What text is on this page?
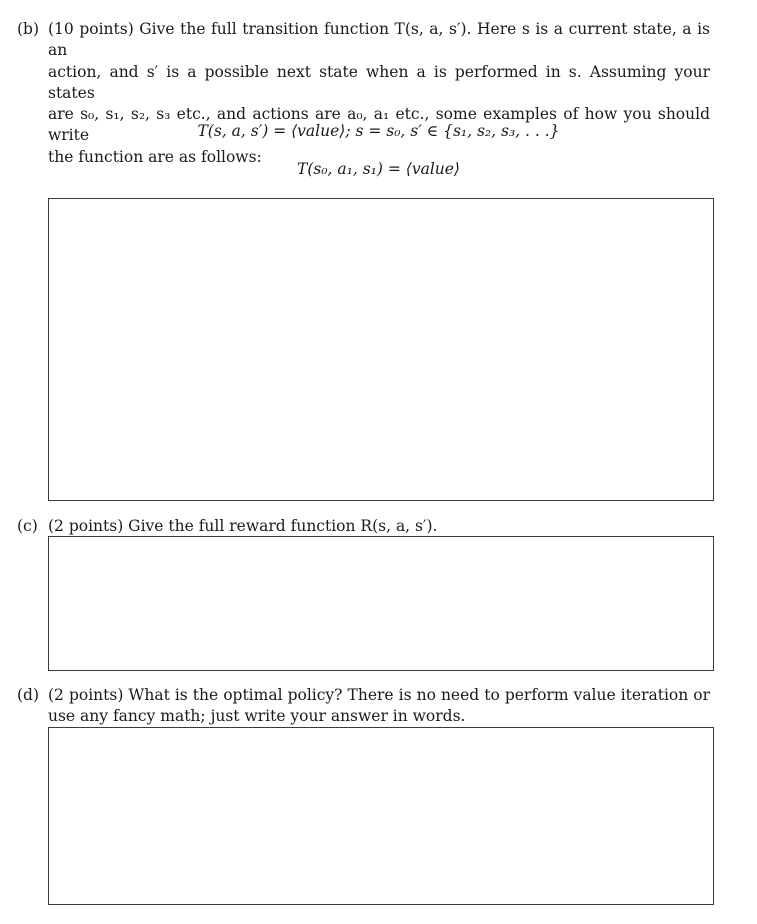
(b) (10 points) Give the full transition function T(s, a, s′). Here s is a current state, a is an
action, and s′ is a possible next state when a is performed in s. Assuming your states
are s₀, s₁, s₂, s₃ etc., and actions are a₀, a₁ etc., some examples of how you should write
the function are as follows:
T(s, a, s′) = ⟨value⟩; s = s₀, s′ ∈ {s₁, s₂, s₃, . . .}
T(s₀, a₁, s₁) = ⟨value⟩
(c) (2 points) Give the full reward function R(s, a, s′).
(d) (2 points) What is the optimal policy? There is no need to perform value iteration or
use any fancy math; just write your answer in words.
